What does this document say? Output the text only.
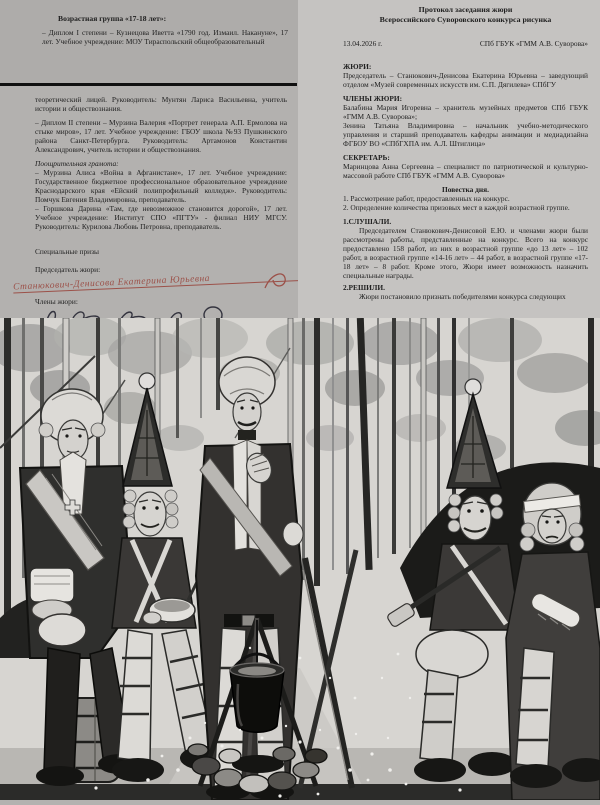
Возрастная группа «17-18 лет»:
– Диплом I степени – Кузнецова Иветта «1790 год. Измаил. Накануне», 17 лет. Учебное учреждение: МОУ Тираспольский общеобразовательный
теоретический лицей. Руководитель: Мунтян Лариса Васильевна, учитель истории и обществознания.
– Диплом II степени – Мурзина Валерия «Портрет генерала А.П. Ермолова на стыке миров», 17 лет. Учебное учреждение: ГБОУ школа №93 Пушкинского района Санкт-Петербурга. Руководитель: Артамонов Константин Александрович, учитель истории и обществознания.
Поощрительная грамота:
– Мурзина Алиса «Война в Афганистане», 17 лет. Учебное учреждение: Государственное бюджетное профессиональное образовательное учреждение Краснодарского края «Ейский полипрофильный колледж». Руководитель: Помчук Евгения Владимировна, преподаватель.
– Горшкова Дарина «Там, где невозможное становится дорогой», 17 лет. Учебное учреждение: Институт СПО «ПГТУ» - филиал НИУ МГСУ. Руководитель: Курилова Любовь Петровна, преподаватель.
Специальные призы
Председатель жюри:
Станюкович-Денисова Екатерина Юрьевна
Члены жюри:
Протокол заседания жюри
Всероссийского Суворовского конкурса рисунка
13.04.2026 г.	СПб ГБУК «ГММ А.В. Суворова»
ЖЮРИ:
Председатель – Станюкович-Денисова Екатерина Юрьевна – заведующий отделом «Музей современных искусств им. С.П. Дягилева» СПбГУ
ЧЛЕНЫ ЖЮРИ:
Балабина Мария Игоревна – хранитель музейных предметов СПб ГБУК «ГММ А.В. Суворова»;
Зенина Татьяна Владимировна – начальник учебно-методического управления и старший преподаватель кафедры анимации и медиадизайна ФГБОУ ВО «СПбГХПА им. А.Л. Штиглица»
СЕКРЕТАРЬ:
Маринцова Анна Сергеевна – специалист по патриотической и культурно-массовой работе СПб ГБУК «ГММ А.В. Суворова»
Повестка дня.
1. Рассмотрение работ, предоставленных на конкурс.
2. Определение количества призовых мест в каждой возрастной группе.
1.СЛУШАЛИ.
Председателем Станюкович-Денисовой Е.Ю. и членами жюри были рассмотрены работы, представленные на конкурс. Всего на конкурс предоставлено 158 работ, из них в возрастной группе «до 13 лет» – 102 работ, в возрастной группе «14-16 лет» – 44 работ, в возрастной группе «17-18 лет» – 8 работ. Кроме этого, Жюри имеет возможность назначить специальные награды.
2.РЕШИЛИ.
Жюри постановило признать победителями конкурса следующих
